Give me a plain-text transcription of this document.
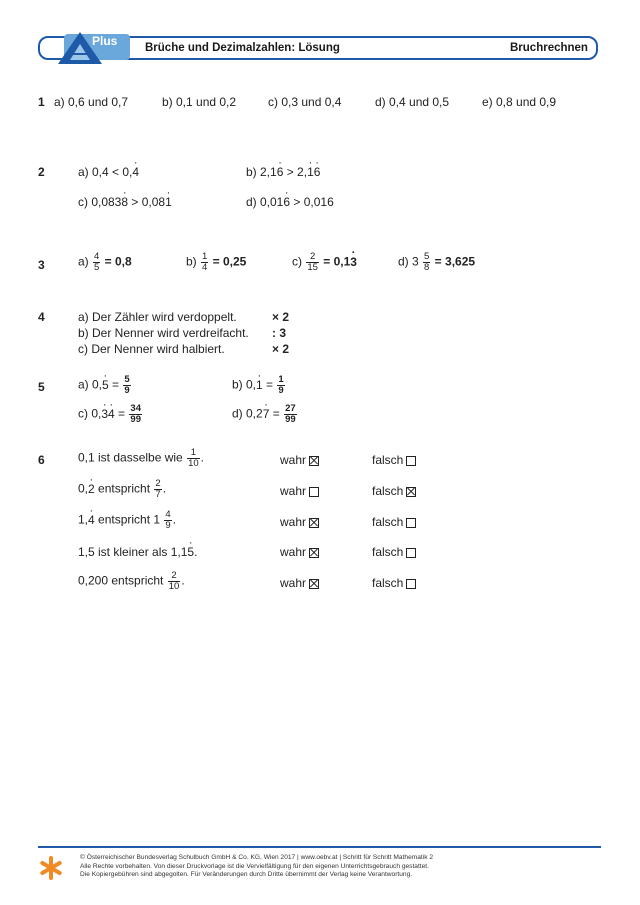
Plus Brüche und Dezimalzahlen: Lösung	Bruchrechnen
1 a) 0,6 und 0,7	b) 0,1 und 0,2	c) 0,3 und 0,4	d) 0,4 und 0,5	e) 0,8 und 0,9
2	a) 0,4 < 0,4 ·	b) 2,16 · > 2,1 ·6 ·
c) 0,0838 · > 0,081 ·	d) 0,016 · > 0,016
3	$a) \frac{4}{5} = 0,8$	$b) \frac{1}{4} = 0,25$	$c) \frac{2}{15} = 0,13$ ·	d) $3 \frac{5}{8} = 3,625$
4	a) Der Zähler wird verdoppelt.	× 2
b) Der Nenner wird verdreifacht. : 3
c) Der Nenner wird halbiert.	× 2
5	a) 0,5 · = $\frac{5}{9}$	b) 0,1 · = $\frac{1}{9}$
c) 0,3 ·4 · = $\frac{34}{99}$	d) 0,27 · = $\frac{27}{99}$
6	0,1 ist dasselbe wie $\frac{1}{10}$ .	wahr	falsch
0,2 · entspricht $\frac{2}{7}$ .	wahr	falsch
1,4 · entspricht $1 \frac{4}{9}$ .	wahr	falsch
1,5 ist kleiner als 1,15 ·.	wahr	falsch
0,200 entspricht $\frac{2}{10}$ .	wahr	falsch
© Österreichischer Bundesverlag Schulbuch GmbH & Co. KG, Wien 2017 | www.oebv.at | Schritt für Schritt Mathematik 2
Alle Rechte vorbehalten. Von dieser Druckvorlage ist die Vervielfältigung für den eigenen Unterrichtsgebrauch gestattet.
Die Kopiergebühren sind abgegolten. Für Veränderungen durch Dritte übernimmt der Verlag keine Verantwortung.
